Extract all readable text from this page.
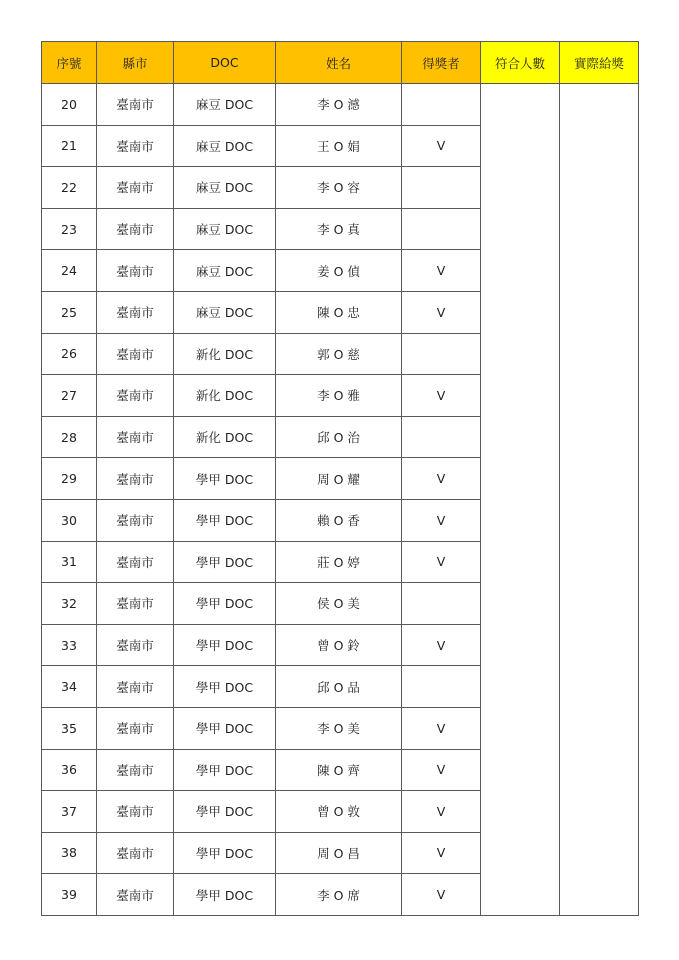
序號	縣市	DOC	姓名	得獎者	符合人數	實際給獎
20	臺南市	麻豆 DOC	李 O 澸			
21	臺南市	麻豆 DOC	王 O 娟	V		
22	臺南市	麻豆 DOC	李 O 容			
23	臺南市	麻豆 DOC	李 O 真			
24	臺南市	麻豆 DOC	姜 O 偵	V		
25	臺南市	麻豆 DOC	陳 O 忠	V		
26	臺南市	新化 DOC	郭 O 慈			
27	臺南市	新化 DOC	李 O 雅	V		
28	臺南市	新化 DOC	邱 O 治			
29	臺南市	學甲 DOC	周 O 耀	V		
30	臺南市	學甲 DOC	賴 O 香	V		
31	臺南市	學甲 DOC	莊 O 婷	V		
32	臺南市	學甲 DOC	侯 O 美			
33	臺南市	學甲 DOC	曾 O 鈴	V		
34	臺南市	學甲 DOC	邱 O 品			
35	臺南市	學甲 DOC	李 O 美	V		
36	臺南市	學甲 DOC	陳 O 齊	V		
37	臺南市	學甲 DOC	曾 O 敦	V		
38	臺南市	學甲 DOC	周 O 昌	V		
39	臺南市	學甲 DOC	李 O 席	V		
